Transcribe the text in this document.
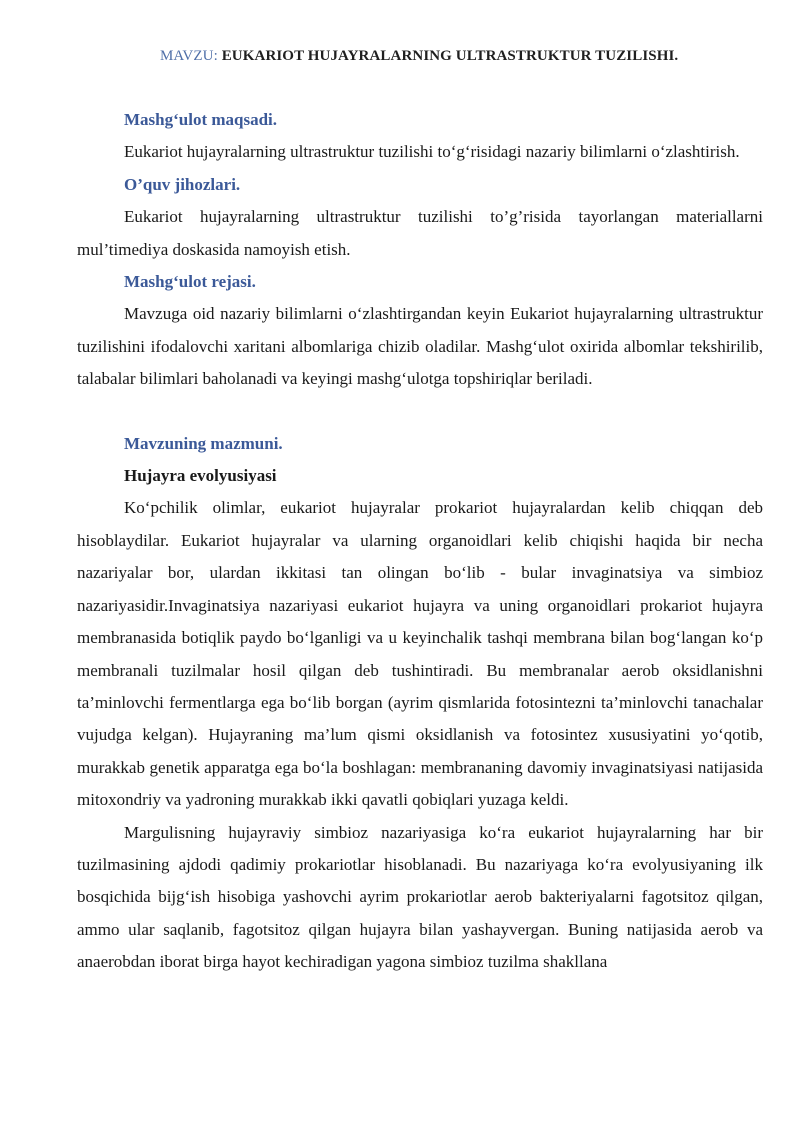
MAVZU: EUKARIOT HUJAYRALARNING ULTRASTRUKTUR TUZILISHI.
Mashg‘ulot maqsadi.

Eukariot hujayralarning ultrastruktur tuzilishi to‘g‘risidagi nazariy bilimlarni o‘zlashtirish.

O’quv jihozlari.

Eukariot hujayralarning ultrastruktur tuzilishi to’g’risida tayorlangan materiallarni mul’timediya doskasida namoyish etish.

Mashg‘ulot rejasi.

Mavzuga oid nazariy bilimlarni o‘zlashtirgandan keyin Eukariot hujayralarning ultrastruktur tuzilishini ifodalovchi xaritani albomlariga chizib oladilar. Mashg‘ulot oxirida albomlar tekshirilib, talabalar bilimlari baholanadi va keyingi mashg‘ulotga topshiriqlar beriladi.

Mavzuning mazmuni.
Hujayra evolyusiyasi

Ko‘pchilik olimlar, eukariot hujayralar prokariot hujayralardan kelib chiqqan deb hisoblaydilar. Eukariot hujayralar va ularning organoidlari kelib chiqishi haqida bir necha nazariyalar bor, ulardan ikkitasi tan olingan bo‘lib - bular invaginatsiya va simbioz nazariyasidir.Invaginatsiya nazariyasi eukariot hujayra va uning organoidlari prokariot hujayra membranasida botiqlik paydo bo‘lganligi va u keyinchalik tashqi membrana bilan bog‘langan ko‘p membranali tuzilmalar hosil qilgan deb tushintiradi. Bu membranalar aerob oksidlanishni ta’minlovchi fermentlarga ega bo‘lib borgan (ayrim qismlarida fotosintezni ta’minlovchi tanachalar vujudga kelgan). Hujayraning ma’lum qismi oksidlanish va fotosintez xususiyatini yo‘qotib, murakkab genetik apparatga ega bo‘la boshlagan: membrananing davomiy invaginatsiyasi natijasida mitoxondriy va yadroning murakkab ikki qavatli qobiqlari yuzaga keldi.

Margulisning hujayraviy simbioz nazariyasiga ko‘ra eukariot hujayralarning har bir tuzilmasining ajdodi qadimiy prokariotlar hisoblanadi. Bu nazariyaga ko‘ra evolyusiyaning ilk bosqichida bijg‘ish hisobiga yashovchi ayrim prokariotlar aerob bakteriyalarni fagotsitoz qilgan, ammo ular saqlanib, fagotsitoz qilgan hujayra bilan yashayvergan. Buning natijasida aerob va anaerobdan iborat birga hayot kechiradigan yagona simbioz tuzilma shakllana
